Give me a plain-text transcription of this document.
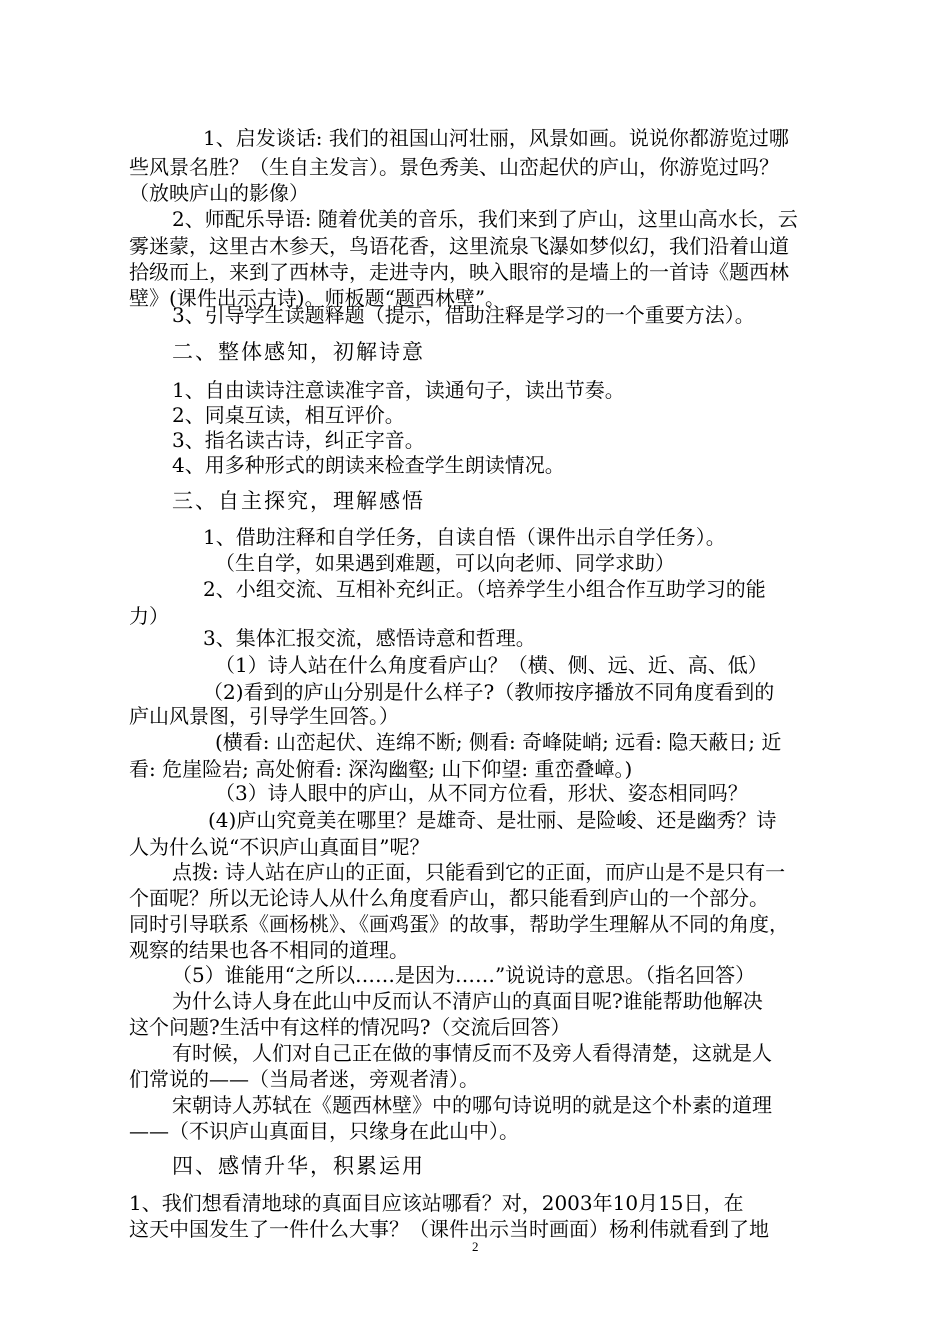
1、启发谈话: 我们的祖国山河壮丽，风景如画。说说你都游览过哪
些风景名胜？（生自主发言）。景色秀美、山峦起伏的庐山，你游览过吗？
（放映庐山的影像）
2、师配乐导语: 随着优美的音乐，我们来到了庐山，这里山高水长，云
雾迷蒙，这里古木参天，鸟语花香，这里流泉飞瀑如梦似幻，我们沿着山道
拾级而上，来到了西林寺，走进寺内，映入眼帘的是墙上的一首诗《题西林
壁》(课件出示古诗)。师板题“题西林壁”。
3、引导学生读题释题（提示，借助注释是学习的一个重要方法）。
二、整体感知，初解诗意
1、自由读诗注意读准字音，读通句子，读出节奏。
2、同桌互读，相互评价。
3、指名读古诗，纠正字音。
4、用多种形式的朗读来检查学生朗读情况。
三、自主探究，理解感悟
1、借助注释和自学任务，自读自悟（课件出示自学任务）。
（生自学，如果遇到难题，可以向老师、同学求助）
2、小组交流、互相补充纠正。（培养学生小组合作互助学习的能
力）
3、集体汇报交流，感悟诗意和哲理。
（1）诗人站在什么角度看庐山？（横、侧、远、近、高、低）
（2)看到的庐山分别是什么样子?（教师按序播放不同角度看到的
庐山风景图，引导学生回答。）
(横看: 山峦起伏、连绵不断; 侧看: 奇峰陡峭; 远看: 隐天蔽日; 近
看: 危崖险岩; 高处俯看: 深沟幽壑; 山下仰望: 重峦叠嶂。)
（3）诗人眼中的庐山，从不同方位看，形状、姿态相同吗？
(4)庐山究竟美在哪里？是雄奇、是壮丽、是险峻、还是幽秀？诗
人为什么说“不识庐山真面目”呢？
点拨: 诗人站在庐山的正面，只能看到它的正面，而庐山是不是只有一
个面呢？所以无论诗人从什么角度看庐山，都只能看到庐山的一个部分。
同时引导联系《画杨桃》、《画鸡蛋》的故事，帮助学生理解从不同的角度，
观察的结果也各不相同的道理。
（5）谁能用“之所以……是因为……”说说诗的意思。（指名回答）
为什么诗人身在此山中反而认不清庐山的真面目呢?谁能帮助他解决
这个问题?生活中有这样的情况吗?（交流后回答）
有时候，人们对自己正在做的事情反而不及旁人看得清楚，这就是人
们常说的——（当局者迷，旁观者清）。
宋朝诗人苏轼在《题西林壁》中的哪句诗说明的就是这个朴素的道理
——（不识庐山真面目，只缘身在此山中）。
四、感情升华，积累运用
1、我们想看清地球的真面目应该站哪看？对，2003年10月15日，在
这天中国发生了一件什么大事？（课件出示当时画面）杨利伟就看到了地
2
